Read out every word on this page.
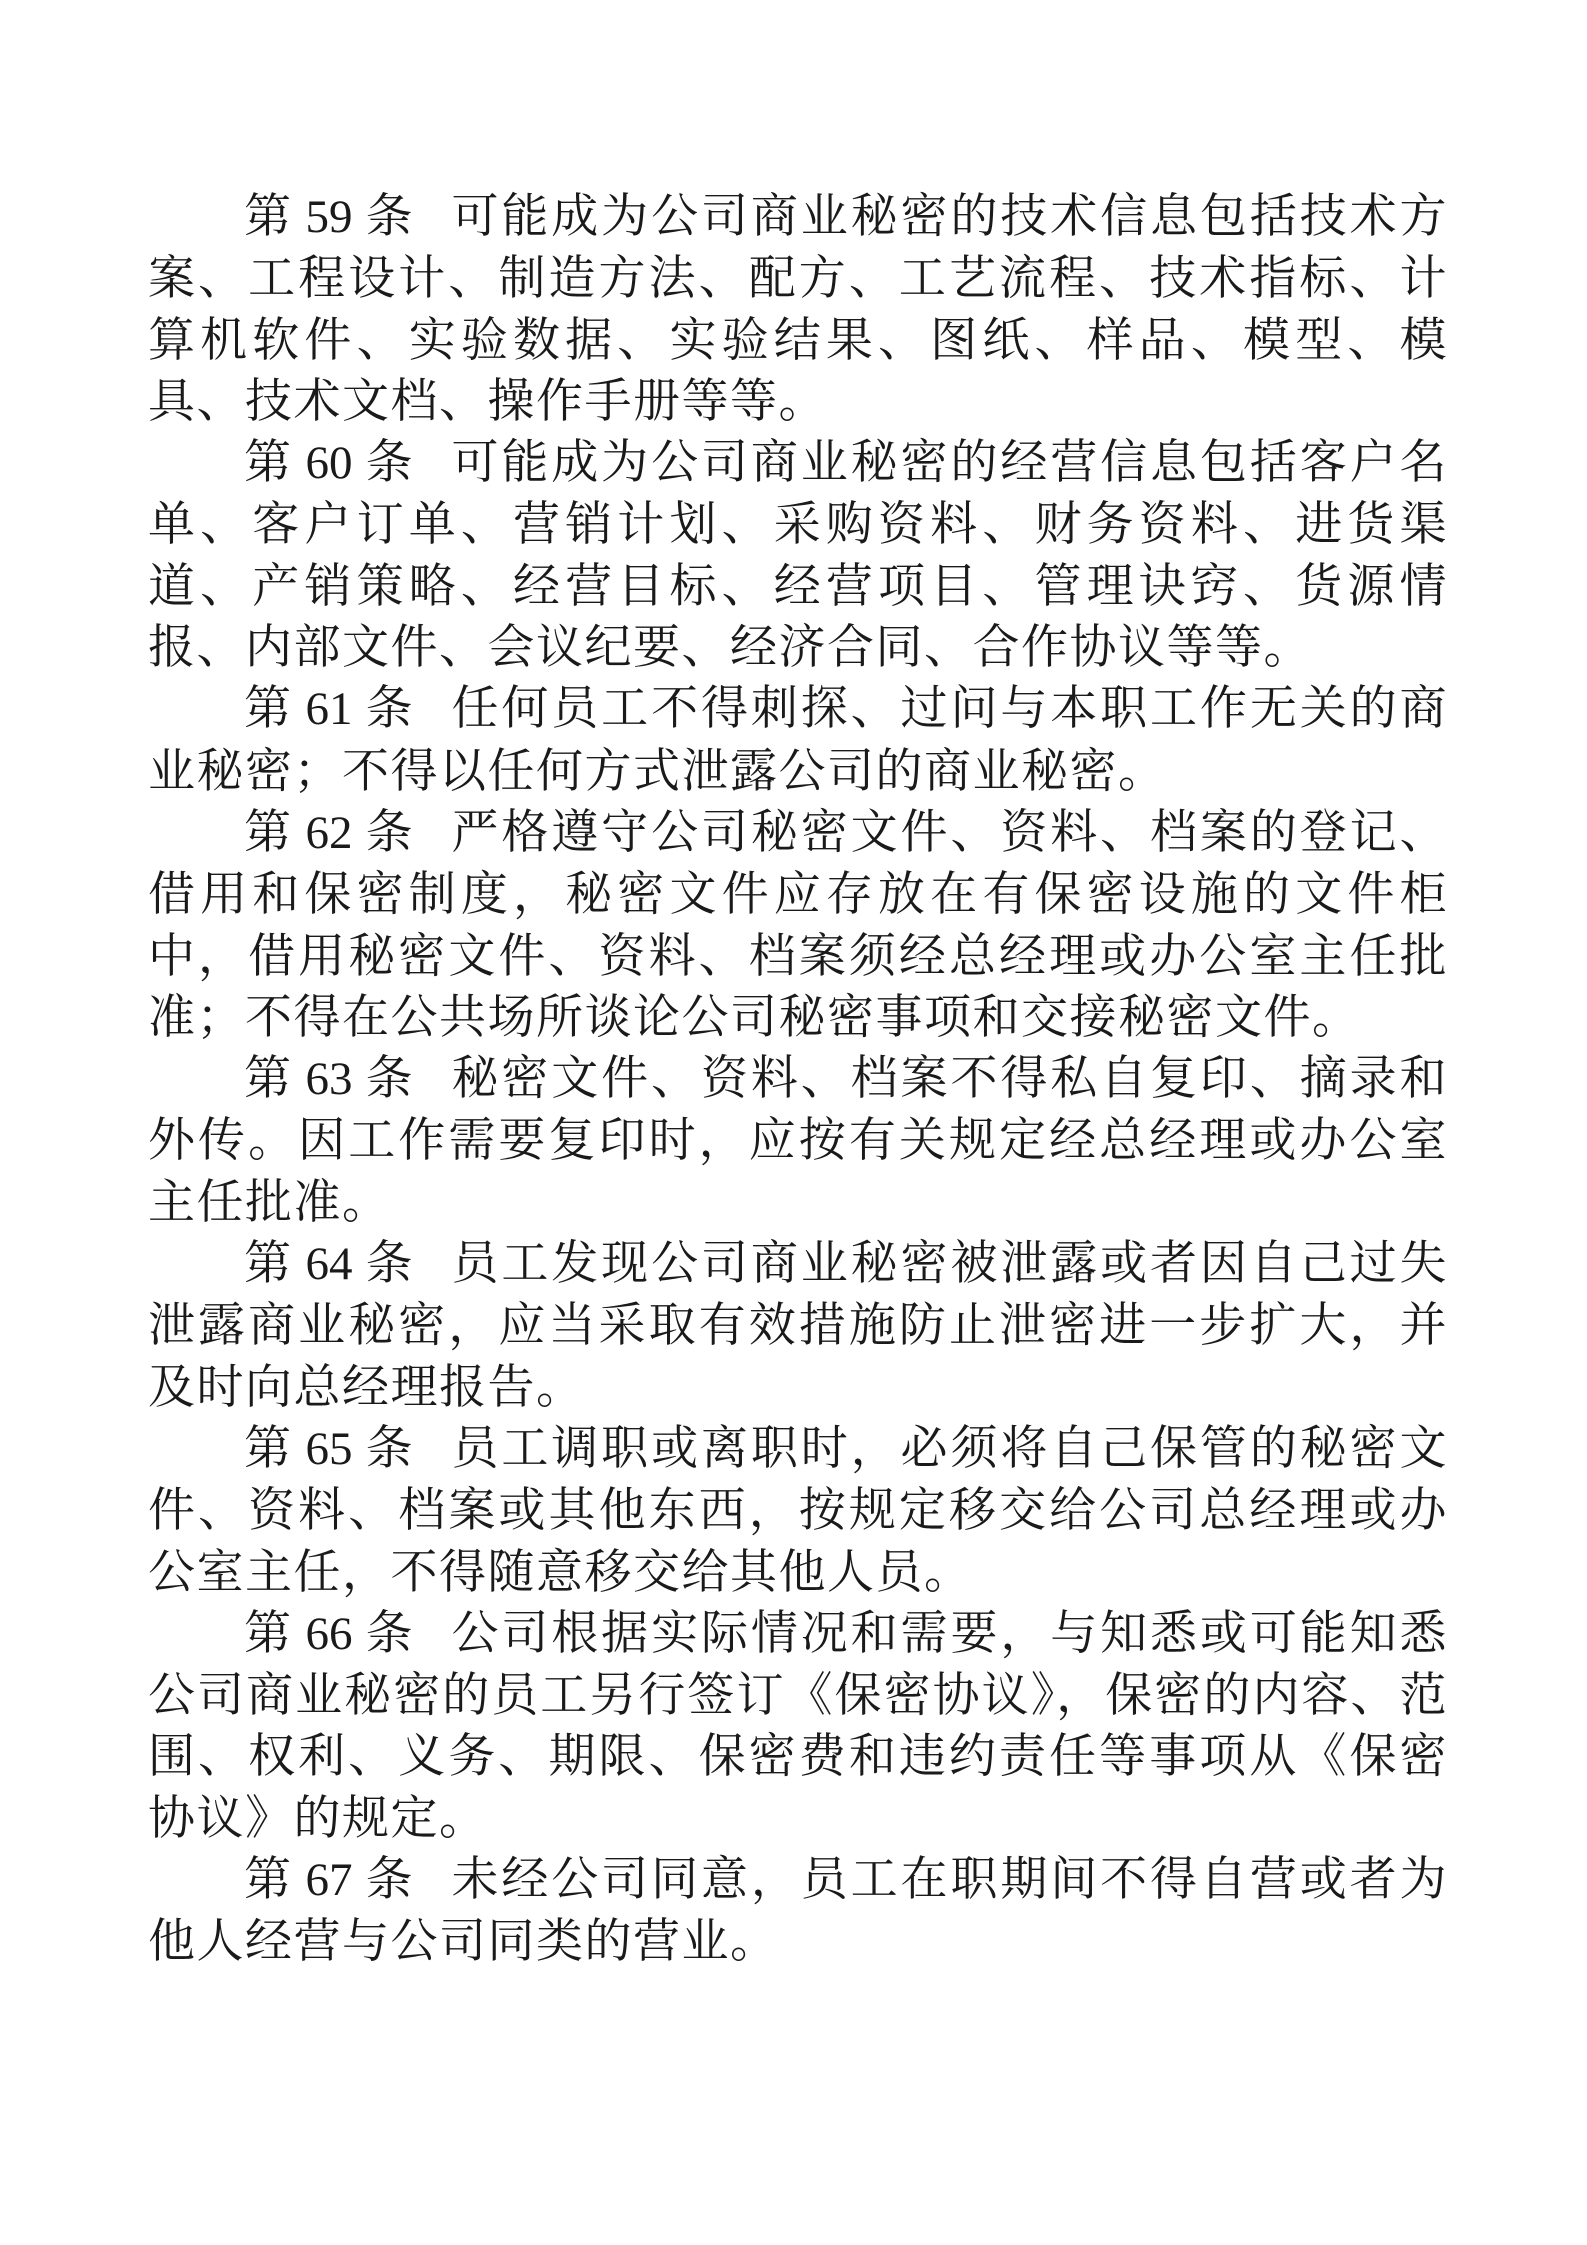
第 59 条 可能成为公司商业秘密的技术信息包括技术方案、工程设计、制造方法、配方、工艺流程、技术指标、计算机软件、实验数据、实验结果、图纸、样品、模型、模具、技术文档、操作手册等等。

第 60 条 可能成为公司商业秘密的经营信息包括客户名单、客户订单、营销计划、采购资料、财务资料、进货渠道、产销策略、经营目标、经营项目、管理诀窍、货源情报、内部文件、会议纪要、经济合同、合作协议等等。

第 61 条 任何员工不得刺探、过问与本职工作无关的商业秘密；不得以任何方式泄露公司的商业秘密。

第 62 条 严格遵守公司秘密文件、资料、档案的登记、借用和保密制度，秘密文件应存放在有保密设施的文件柜中，借用秘密文件、资料、档案须经总经理或办公室主任批准；不得在公共场所谈论公司秘密事项和交接秘密文件。

第 63 条 秘密文件、资料、档案不得私自复印、摘录和外传。因工作需要复印时，应按有关规定经总经理或办公室主任批准。

第 64 条 员工发现公司商业秘密被泄露或者因自己过失泄露商业秘密，应当采取有效措施防止泄密进一步扩大，并及时向总经理报告。

第 65 条 员工调职或离职时，必须将自己保管的秘密文件、资料、档案或其他东西，按规定移交给公司总经理或办公室主任，不得随意移交给其他人员。

第 66 条 公司根据实际情况和需要，与知悉或可能知悉公司商业秘密的员工另行签订《保密协议》，保密的内容、范围、权利、义务、期限、保密费和违约责任等事项从《保密协议》的规定。

第 67 条 未经公司同意，员工在职期间不得自营或者为他人经营与公司同类的营业。
